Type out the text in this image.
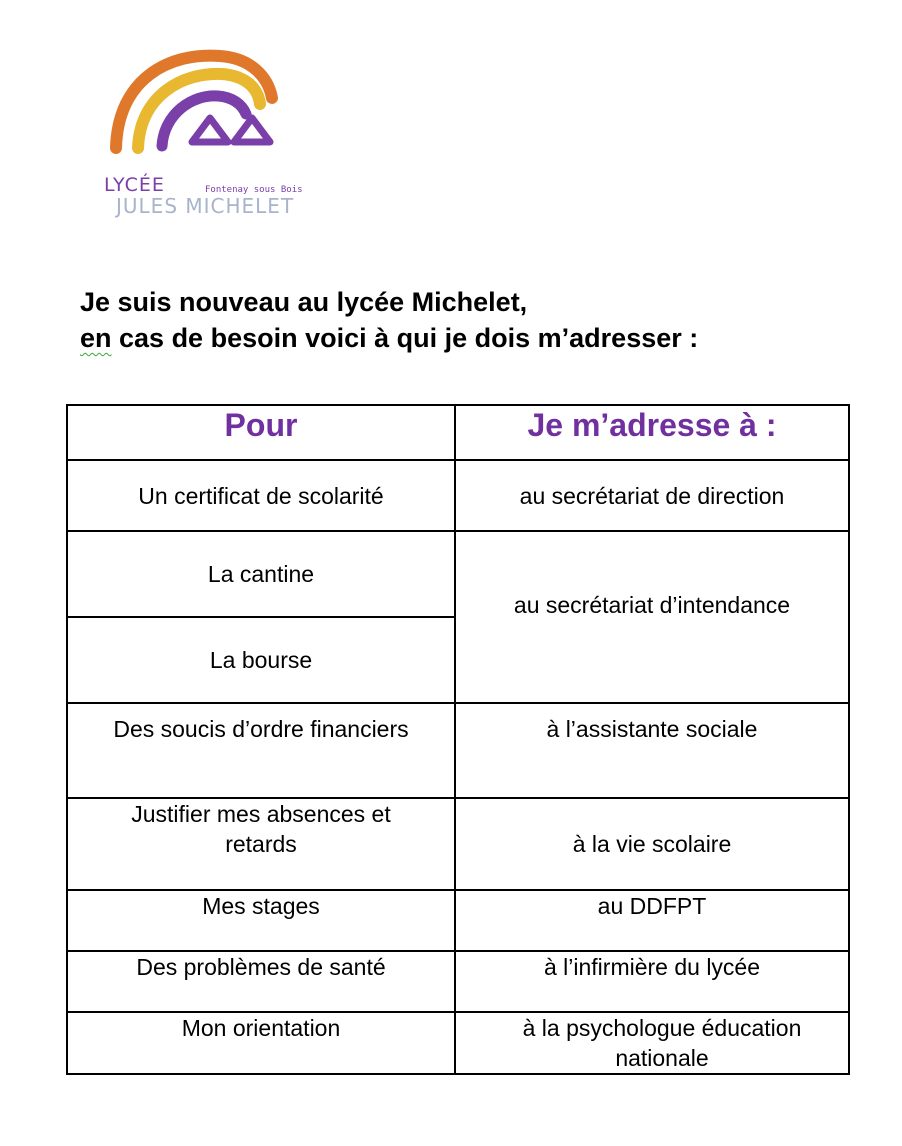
LYCÉE	Fontenay sous Bois
JULES MICHELET
Je suis nouveau au lycée Michelet,
en cas de besoin voici à qui je dois m’adresser :
Pour	Je m’adresse à :
Un certificat de scolarité	au secrétariat de direction
La cantine	au secrétariat d’intendance
La bourse	
Des soucis d’ordre financiers	à l’assistante sociale
Justifier mes absences et retards	à la vie scolaire
Mes stages	au DDFPT
Des problèmes de santé	à l’infirmière du lycée
Mon orientation	à la psychologue éducation nationale
